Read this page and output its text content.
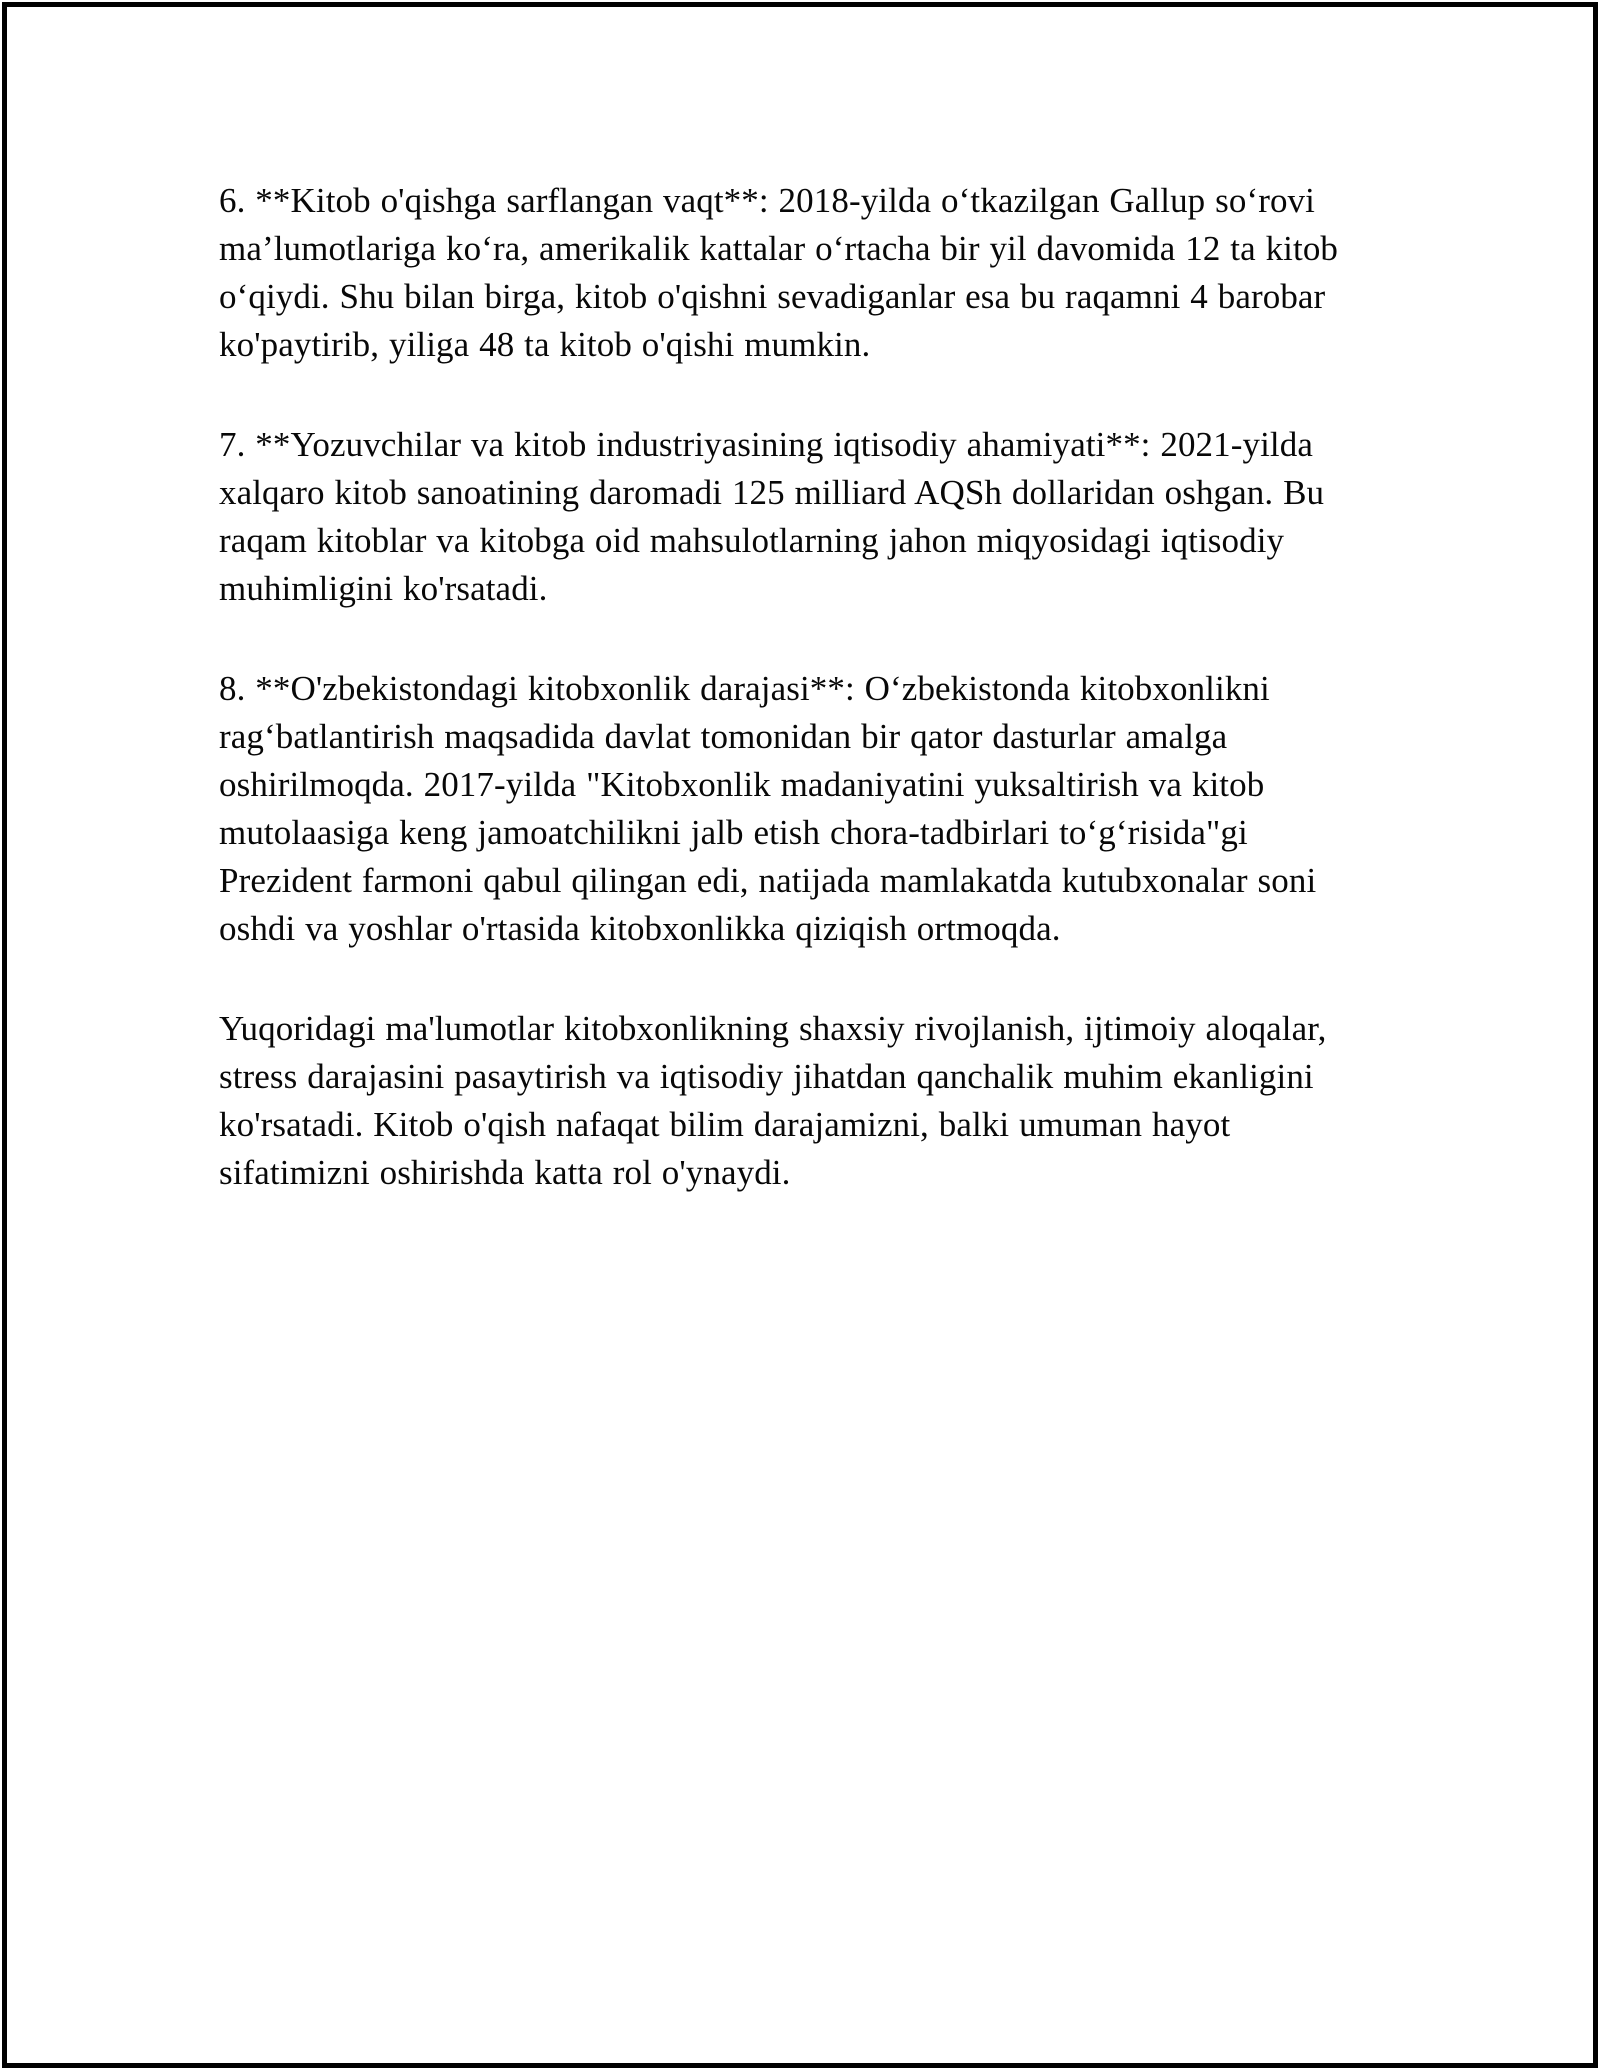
6. **Kitob o'qishga sarflangan vaqt**: 2018-yilda o‘tkazilgan Gallup so‘rovi ma’lumotlariga ko‘ra, amerikalik kattalar o‘rtacha bir yil davomida 12 ta kitob o‘qiydi. Shu bilan birga, kitob o'qishni sevadiganlar esa bu raqamni 4 barobar ko'paytirib, yiliga 48 ta kitob o'qishi mumkin.

7. **Yozuvchilar va kitob industriyasining iqtisodiy ahamiyati**: 2021-yilda xalqaro kitob sanoatining daromadi 125 milliard AQSh dollaridan oshgan. Bu raqam kitoblar va kitobga oid mahsulotlarning jahon miqyosidagi iqtisodiy muhimligini ko'rsatadi.

8. **O'zbekistondagi kitobxonlik darajasi**: O‘zbekistonda kitobxonlikni rag‘batlantirish maqsadida davlat tomonidan bir qator dasturlar amalga oshirilmoqda. 2017-yilda "Kitobxonlik madaniyatini yuksaltirish va kitob mutolaasiga keng jamoatchilikni jalb etish chora-tadbirlari to‘g‘risida"gi Prezident farmoni qabul qilingan edi, natijada mamlakatda kutubxonalar soni oshdi va yoshlar o'rtasida kitobxonlikka qiziqish ortmoqda.

Yuqoridagi ma'lumotlar kitobxonlikning shaxsiy rivojlanish, ijtimoiy aloqalar, stress darajasini pasaytirish va iqtisodiy jihatdan qanchalik muhim ekanligini ko'rsatadi. Kitob o'qish nafaqat bilim darajamizni, balki umuman hayot sifatimizni oshirishda katta rol o'ynaydi.
